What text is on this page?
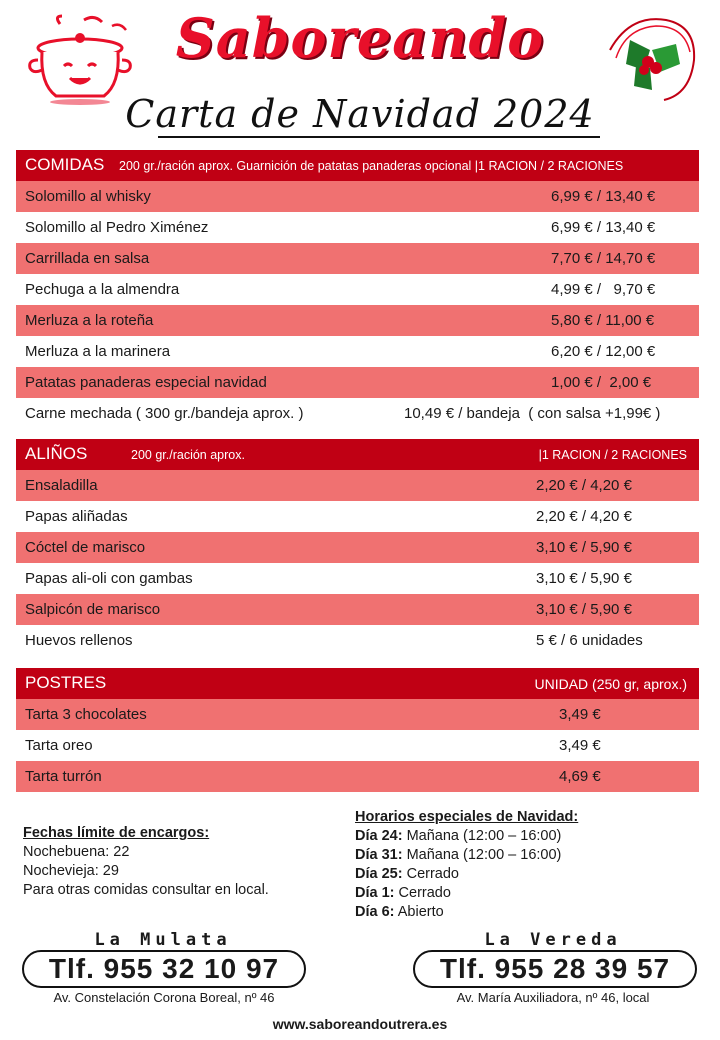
Saboreando
Carta de Navidad 2024
COMIDAS 200 gr./ración aprox. Guarnición de patatas panaderas opcional |1 RACION / 2 RACIONES
Solomillo al whisky	6,99 € / 13,40 €
Solomillo al Pedro Ximénez	6,99 € / 13,40 €
Carrillada en salsa	7,70 € / 14,70 €
Pechuga a la almendra	4,99 € /   9,70 €
Merluza a la roteña	5,80 € / 11,00 €
Merluza a la marinera	6,20 € / 12,00 €
Patatas panaderas especial navidad	1,00 € /  2,00 €
Carne mechada ( 300 gr./bandeja aprox. )	10,49 € / bandeja  ( con salsa +1,99€ )
ALIÑOS	200 gr./ración aprox.	|1 RACION / 2 RACIONES
Ensaladilla	2,20 € / 4,20 €
Papas aliñadas	2,20 € / 4,20 €
Cóctel de marisco	3,10 € / 5,90 €
Papas ali-oli con gambas	3,10 € / 5,90 €
Salpicón de marisco	3,10 € / 5,90 €
Huevos rellenos	5 € / 6 unidades
POSTRES	UNIDAD (250 gr, aprox.)
Tarta 3 chocolates	3,49 €
Tarta oreo	3,49 €
Tarta turrón	4,69 €
Fechas límite de encargos:
Nochebuena: 22
Nochevieja: 29
Para otras comidas consultar en local.
Horarios especiales de Navidad:
Día 24: Mañana (12:00 – 16:00)
Día 31: Mañana (12:00 – 16:00)
Día 25: Cerrado
Día 1: Cerrado
Día 6: Abierto
La Mulata
Tlf. 955 32 10 97
Av. Constelación Corona Boreal, nº 46
La Vereda
Tlf. 955 28 39 57
Av. María Auxiliadora, nº 46, local
www.saboreandoutrera.es
